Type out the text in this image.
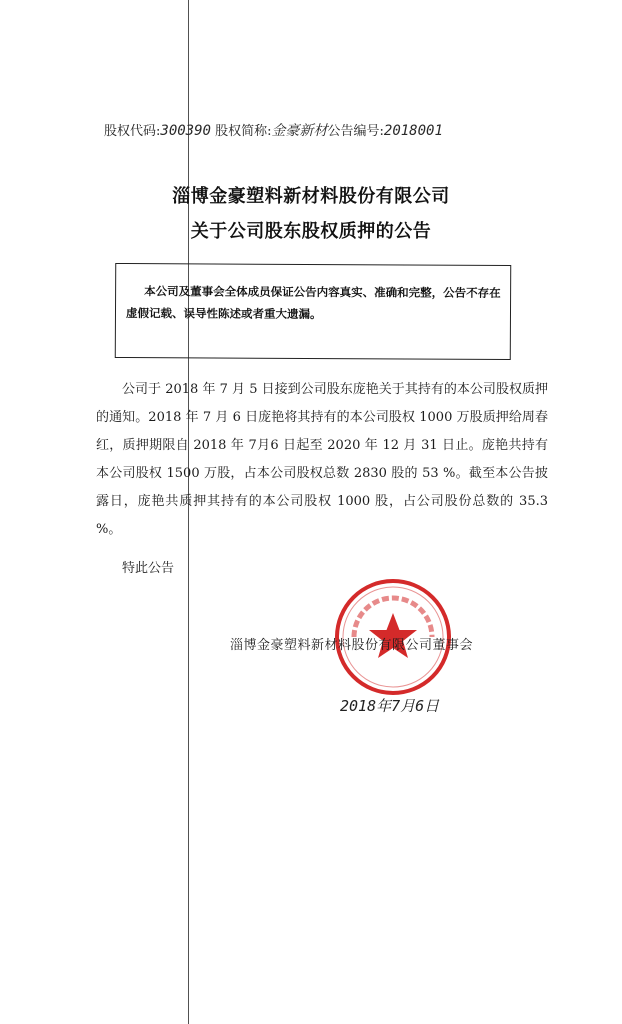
股权代码:300390 股权简称:金豪新材公告编号:2018001
淄博金豪塑料新材料股份有限公司
关于公司股东股权质押的公告
本公司及董事会全体成员保证公告内容真实、准确和完整，公告不存在虚假记载、误导性陈述或者重大遗漏。

公司于 2018 年 7 月 5 日接到公司股东庞艳关于其持有的本公司股权质押的通知。2018 年 7 月 6 日庞艳将其持有的本公司股权 1000 万股质押给周春红，质押期限自 2018 年 7月6 日起至 2020 年 12 月 31 日止。庞艳共持有本公司股权 1500 万股，占本公司股权总数 2830 股的 53 %。截至本公告披露日，庞艳共质押其持有的本公司股权 1000 股，占公司股份总数的 35.3 %。

特此公告
淄博金豪塑料新材料股份有限公司董事会
2018年7月6日
